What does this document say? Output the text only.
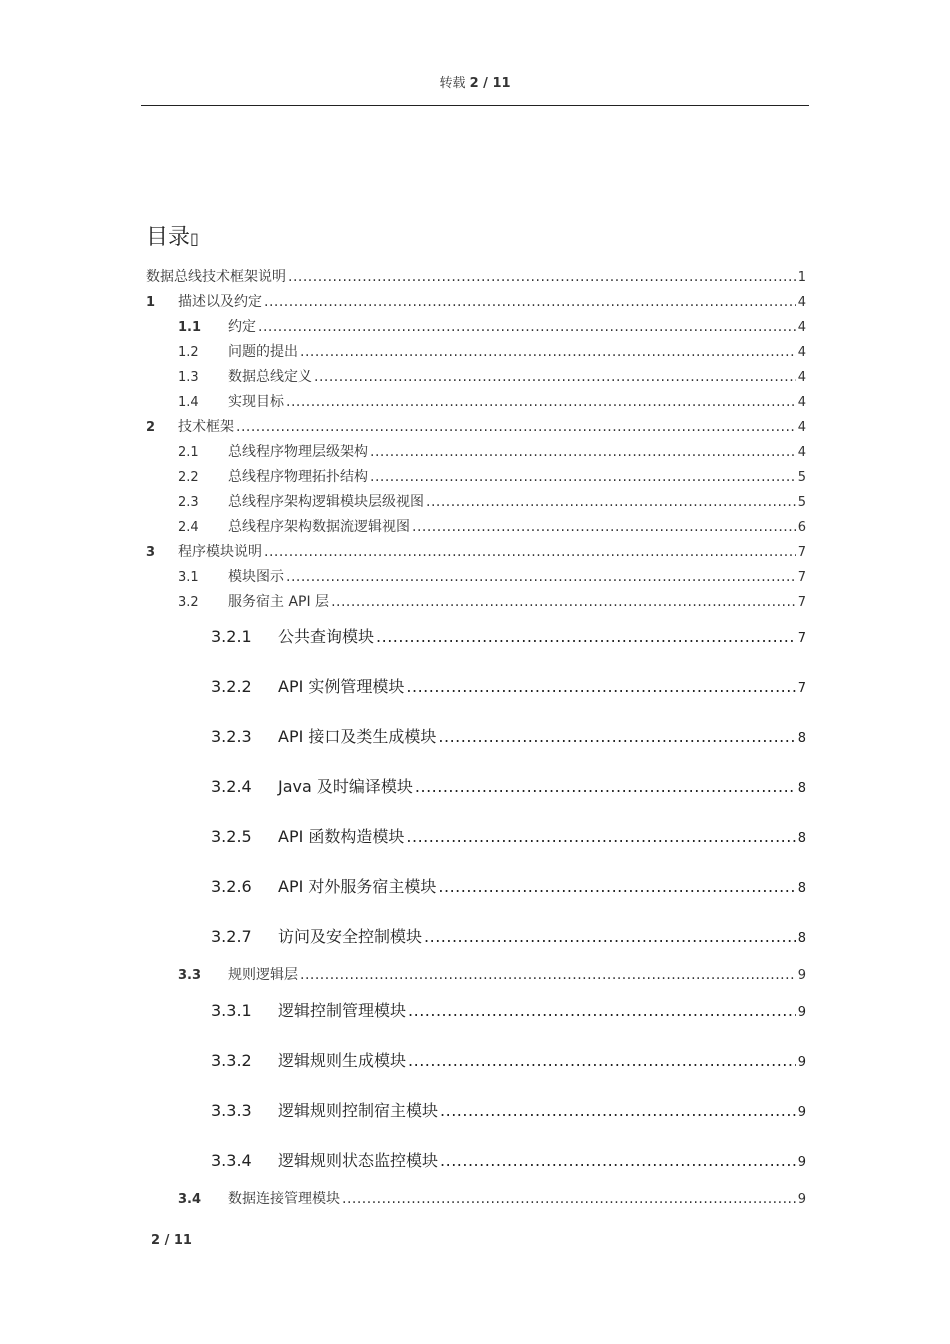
转载 2 / 11
目录▯
数据总线技术框架说明 .....	1
1	描述以及约定 .....	4
1.1	约定 .....	4
1.2	问题的提出 .....	4
1.3	数据总线定义 .....	4
1.4	实现目标 .....	4
2	技术框架 .....	4
2.1	总线程序物理层级架构 .....	4
2.2	总线程序物理拓扑结构 .....	5
2.3	总线程序架构逻辑模块层级视图 .....	5
2.4	总线程序架构数据流逻辑视图 .....	6
3	程序模块说明 .....	7
3.1	模块图示 .....	7
3.2	服务宿主 API 层 .....	7
3.2.1	公共查询模块 .....	7
3.2.2	API 实例管理模块 .....	7
3.2.3	API 接口及类生成模块 .....	8
3.2.4	Java 及时编译模块 .....	8
3.2.5	API 函数构造模块 .....	8
3.2.6	API 对外服务宿主模块 .....	8
3.2.7	访问及安全控制模块 .....	8
3.3	规则逻辑层 .....	9
3.3.1	逻辑控制管理模块 .....	9
3.3.2	逻辑规则生成模块 .....	9
3.3.3	逻辑规则控制宿主模块 .....	9
3.3.4	逻辑规则状态监控模块 .....	9
3.4	数据连接管理模块 .....	9
2 / 11
